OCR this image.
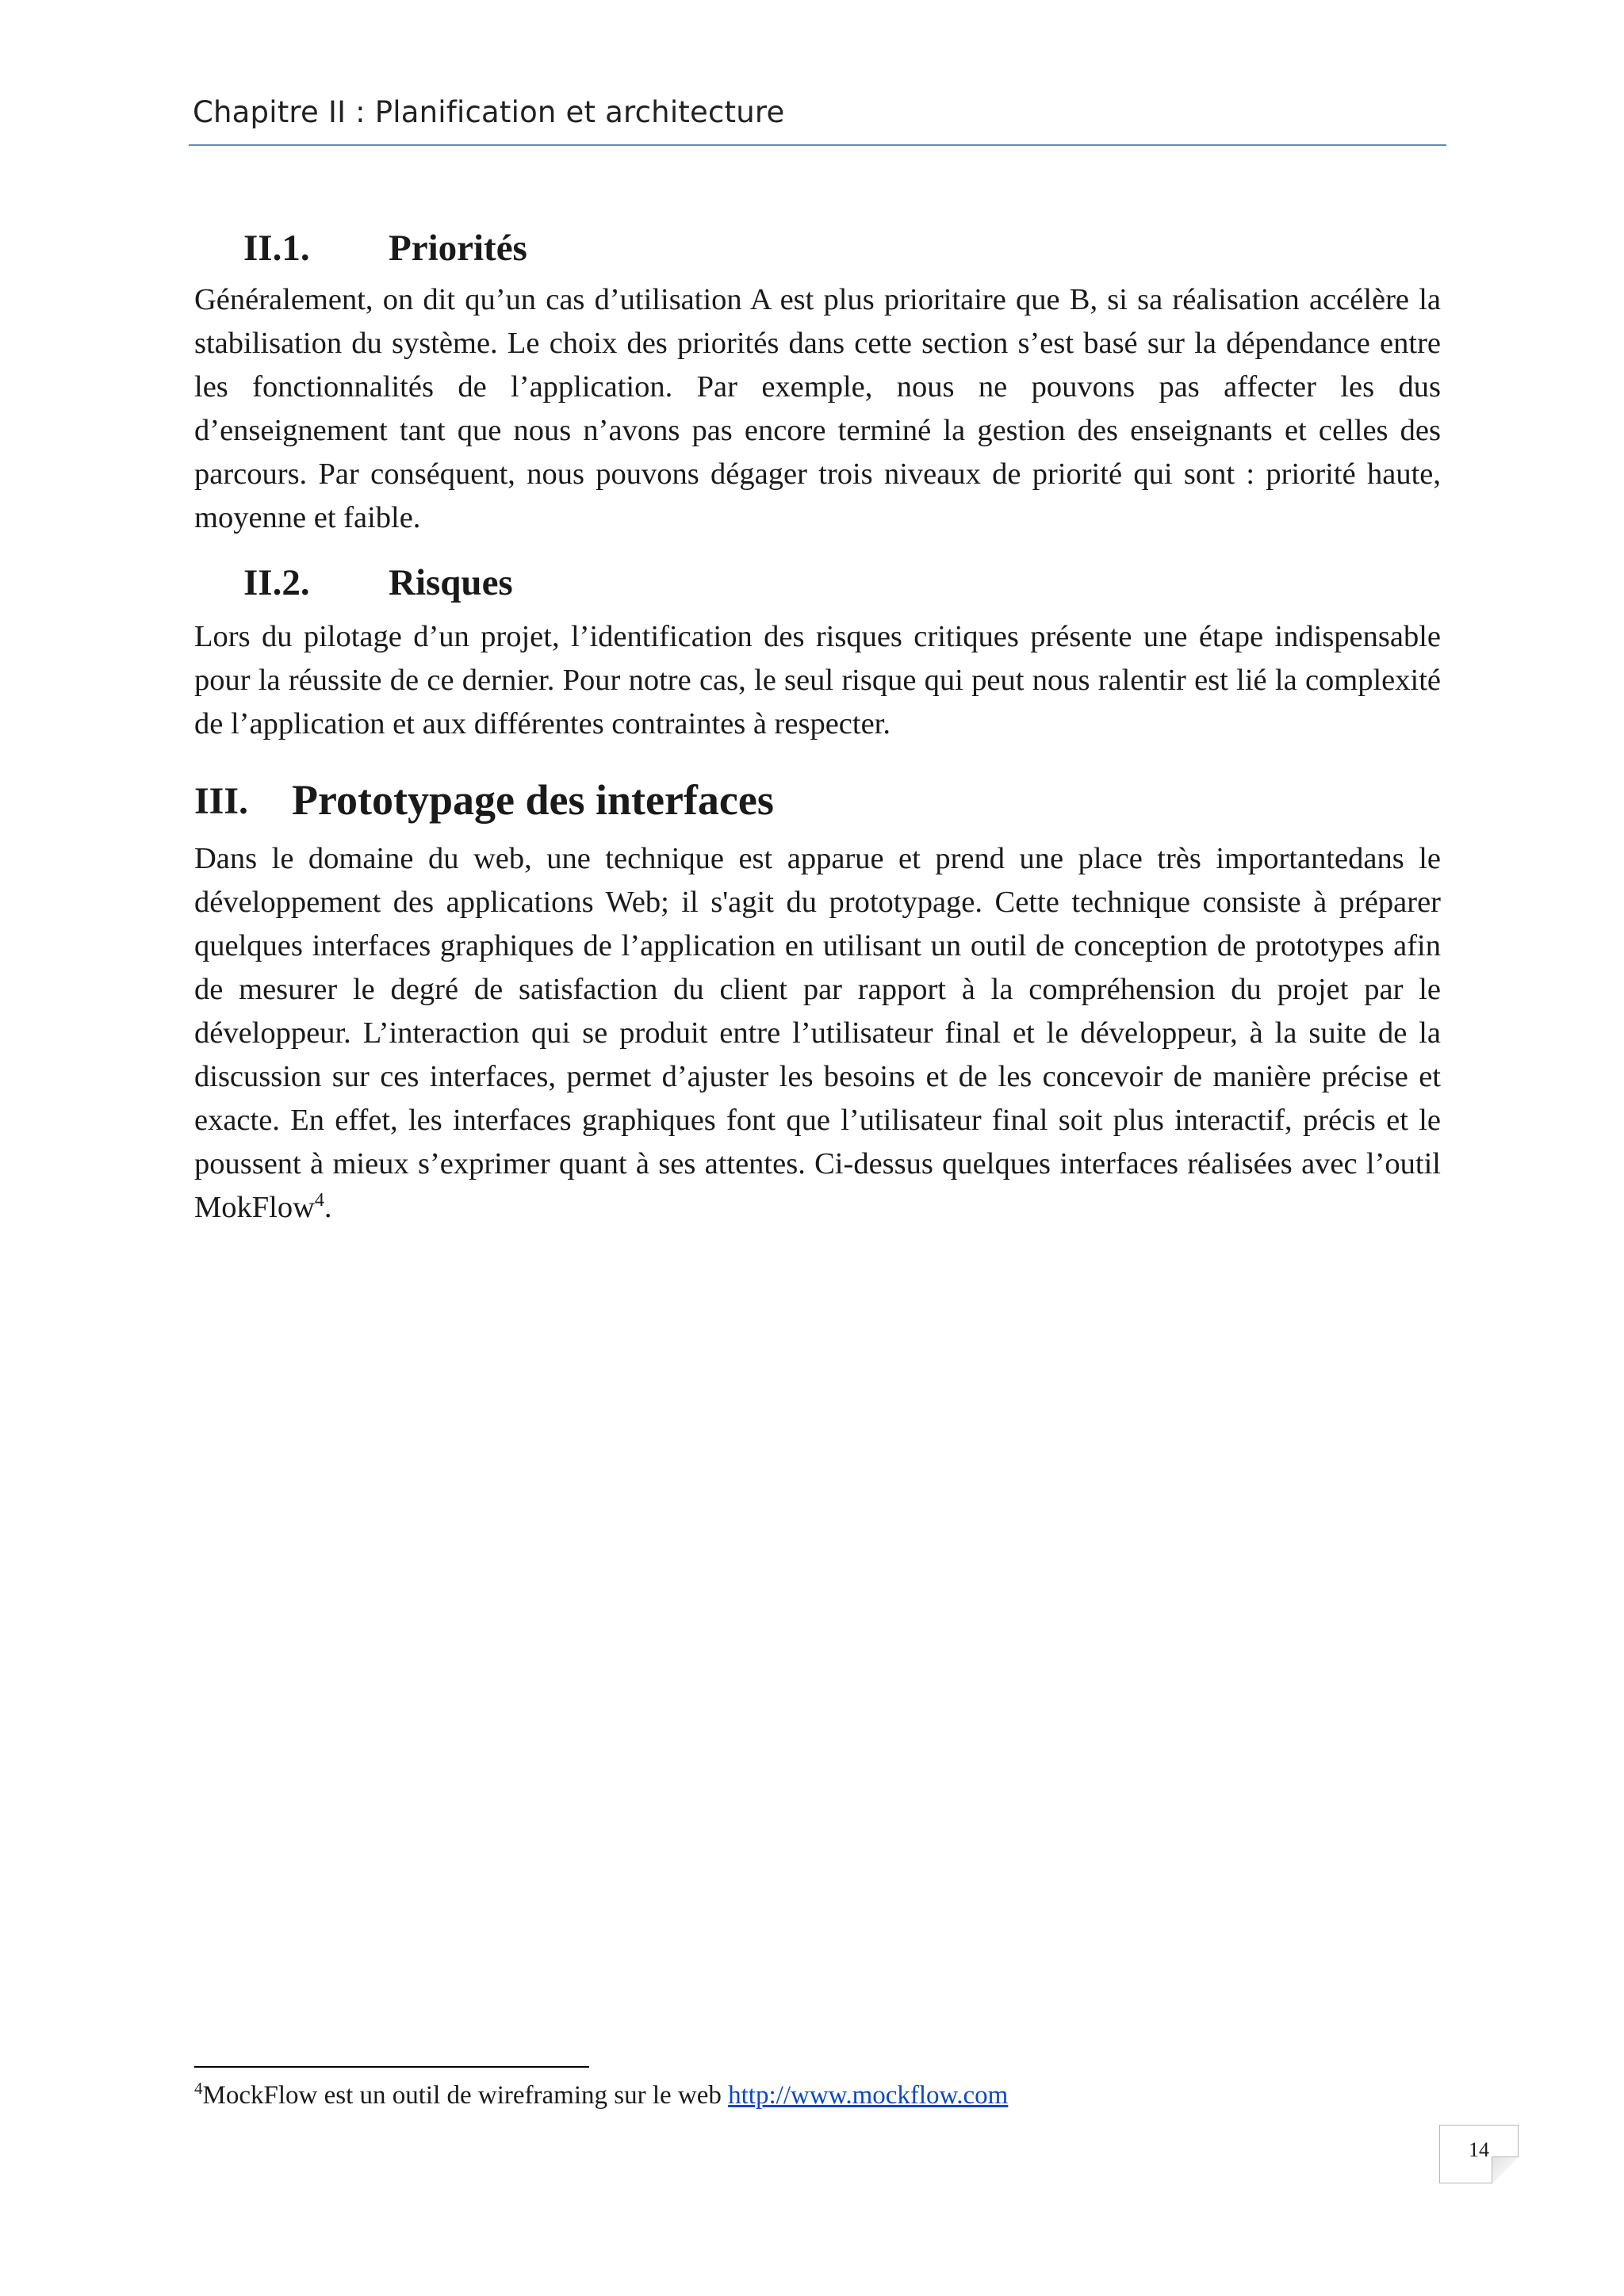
Chapitre II : Planification et architecture
II.1.	Priorités

Généralement, on dit qu’un cas d’utilisation A est plus prioritaire que B, si sa réalisation accélère la stabilisation du système. Le choix des priorités dans cette section s’est basé sur la dépendance entre les fonctionnalités de l’application. Par exemple, nous ne pouvons pas affecter les dus d’enseignement tant que nous n’avons pas encore terminé la gestion des enseignants et celles des parcours. Par conséquent, nous pouvons dégager trois niveaux de priorité qui sont : priorité haute, moyenne et faible.

II.2.	Risques

Lors du pilotage d’un projet, l’identification des risques critiques présente une étape indispensable pour la réussite de ce dernier. Pour notre cas, le seul risque qui peut nous ralentir est lié la complexité de l’application et aux différentes contraintes à respecter.

III.	Prototypage des interfaces

Dans le domaine du web, une technique est apparue et prend une place très importantedans le développement des applications Web; il s'agit du prototypage. Cette technique consiste à préparer quelques interfaces graphiques de l’application en utilisant un outil de conception de prototypes afin de mesurer le degré de satisfaction du client par rapport à la compréhension du projet par le développeur. L’interaction qui se produit entre l’utilisateur final et le développeur, à la suite de la discussion sur ces interfaces, permet d’ajuster les besoins et de les concevoir de manière précise et exacte. En effet, les interfaces graphiques font que l’utilisateur final soit plus interactif, précis et le poussent à mieux s’exprimer quant à ses attentes. Ci-dessus quelques interfaces réalisées avec l’outil MokFlow$^4$.

$^4$MockFlow est un outil de wireframing sur le web http://www.mockflow.com
14
